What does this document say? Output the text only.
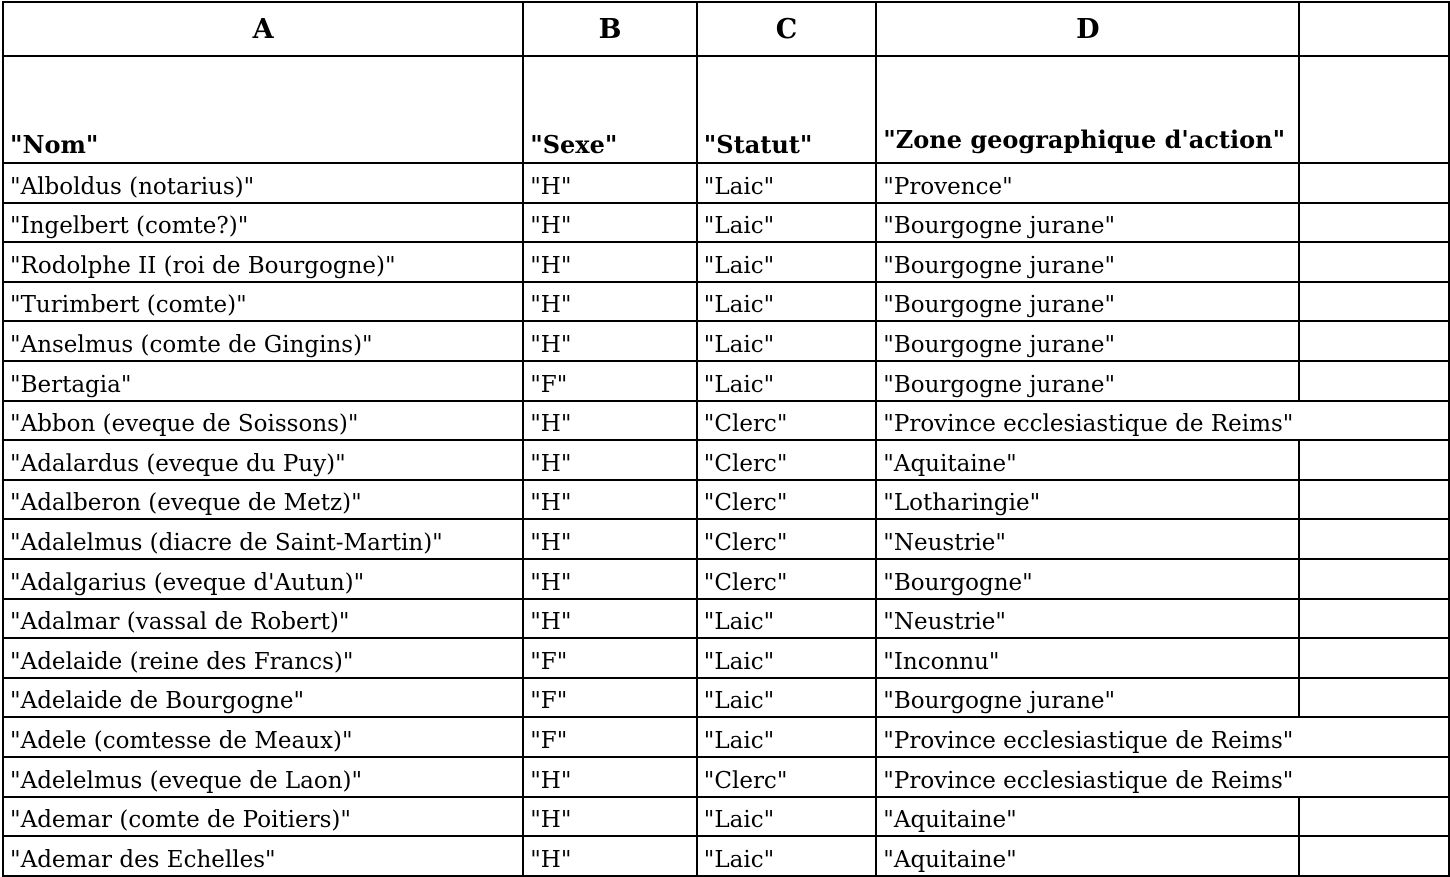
A	B	C	D	
"Nom"	"Sexe"	"Statut"	"Zone geographique d'action"	
"Alboldus (notarius)"	"H"	"Laic"	"Provence"	
"Ingelbert (comte?)"	"H"	"Laic"	"Bourgogne jurane"	
"Rodolphe II (roi de Bourgogne)"	"H"	"Laic"	"Bourgogne jurane"	
"Turimbert (comte)"	"H"	"Laic"	"Bourgogne jurane"	
"Anselmus (comte de Gingins)"	"H"	"Laic"	"Bourgogne jurane"	
"Bertagia"	"F"	"Laic"	"Bourgogne jurane"	
"Abbon (eveque de Soissons)"	"H"	"Clerc"	"Province ecclesiastique de Reims"	
"Adalardus (eveque du Puy)"	"H"	"Clerc"	"Aquitaine"	
"Adalberon (eveque de Metz)"	"H"	"Clerc"	"Lotharingie"	
"Adalelmus (diacre de Saint-Martin)"	"H"	"Clerc"	"Neustrie"	
"Adalgarius (eveque d'Autun)"	"H"	"Clerc"	"Bourgogne"	
"Adalmar (vassal de Robert)"	"H"	"Laic"	"Neustrie"	
"Adelaide (reine des Francs)"	"F"	"Laic"	"Inconnu"	
"Adelaide de Bourgogne"	"F"	"Laic"	"Bourgogne jurane"	
"Adele (comtesse de Meaux)"	"F"	"Laic"	"Province ecclesiastique de Reims"	
"Adelelmus (eveque de Laon)"	"H"	"Clerc"	"Province ecclesiastique de Reims"	
"Ademar (comte de Poitiers)"	"H"	"Laic"	"Aquitaine"	
"Ademar des Echelles"	"H"	"Laic"	"Aquitaine"	
